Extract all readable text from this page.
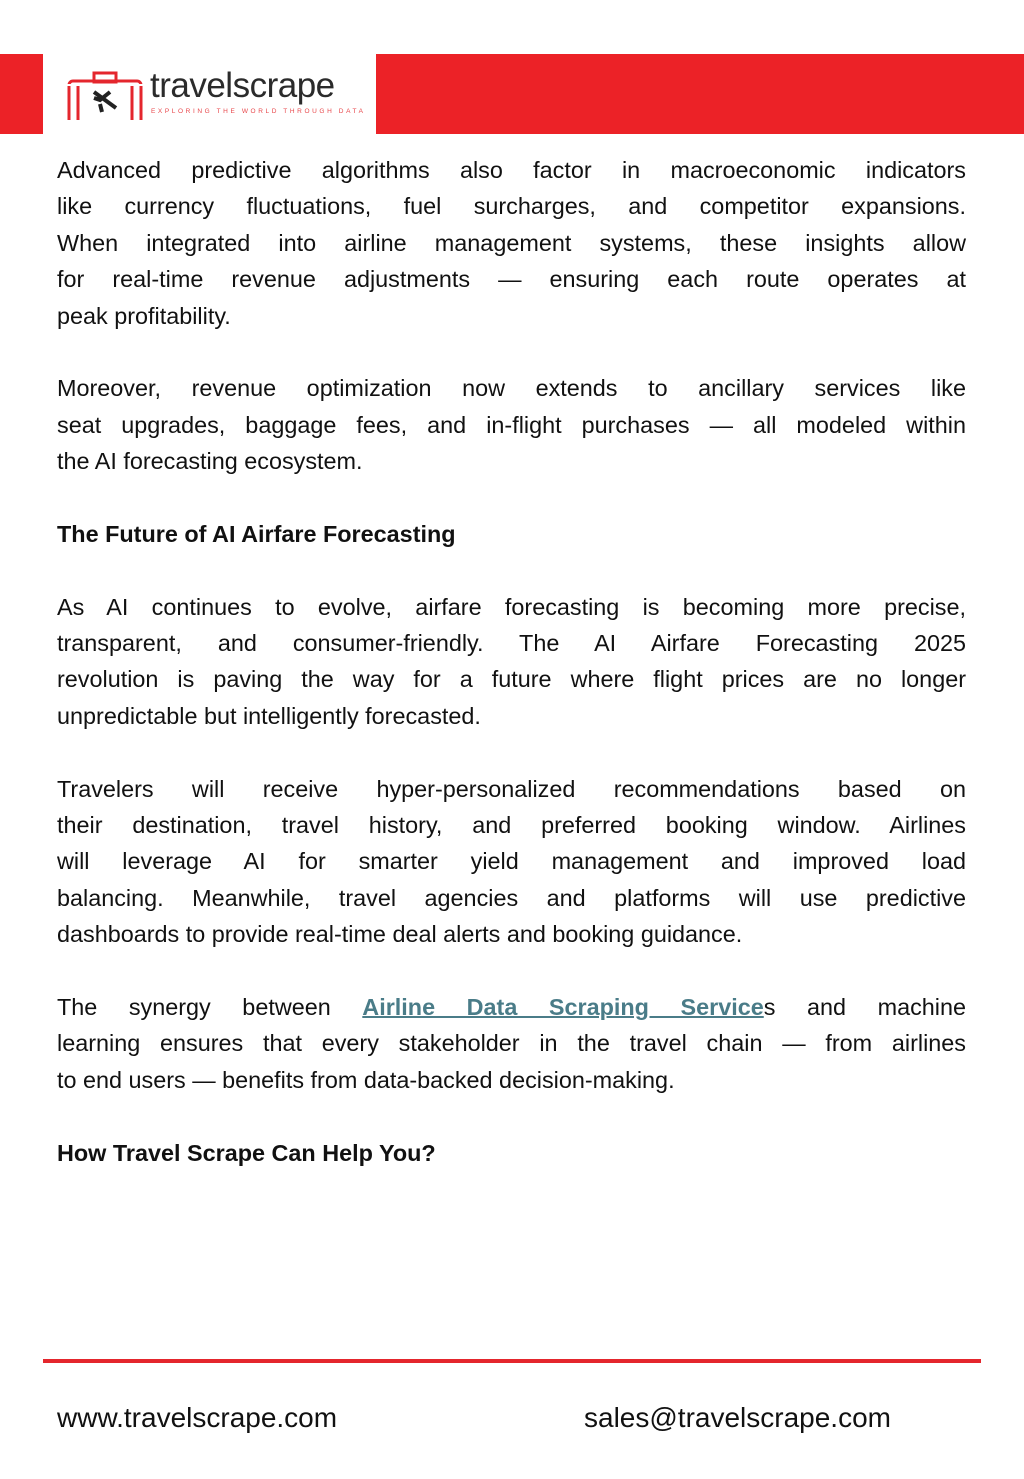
travelscrape
EXPLORING THE WORLD THROUGH DATA
Advanced predictive algorithms also factor in macroeconomic indicators
like currency fluctuations, fuel surcharges, and competitor expansions.
When integrated into airline management systems, these insights allow
for real-time revenue adjustments — ensuring each route operates at
peak profitability.
Moreover, revenue optimization now extends to ancillary services like
seat upgrades, baggage fees, and in-flight purchases — all modeled within
the AI forecasting ecosystem.
The Future of AI Airfare Forecasting
As AI continues to evolve, airfare forecasting is becoming more precise,
transparent, and consumer-friendly. The AI Airfare Forecasting 2025
revolution is paving the way for a future where flight prices are no longer
unpredictable but intelligently forecasted.
Travelers will receive hyper-personalized recommendations based on
their destination, travel history, and preferred booking window. Airlines
will leverage AI for smarter yield management and improved load
balancing. Meanwhile, travel agencies and platforms will use predictive
dashboards to provide real-time deal alerts and booking guidance.
The synergy between Airline Data Scraping Services and machine
learning ensures that every stakeholder in the travel chain — from airlines
to end users — benefits from data-backed decision-making.
How Travel Scrape Can Help You?
www.travelscrape.com	sales@travelscrape.com
